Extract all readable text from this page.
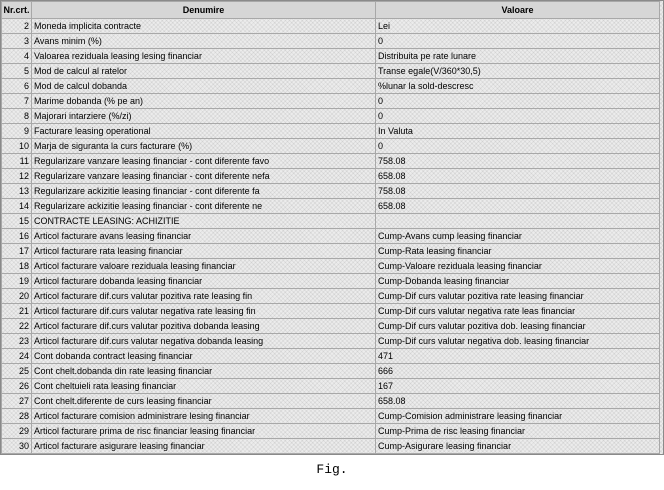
Nr.crt.	Denumire	Valoare
2	Moneda implicita contracte	Lei
3	Avans minim (%)	0
4	Valoarea reziduala leasing lesing financiar	Distribuita pe rate lunare
5	Mod de calcul al ratelor	Transe egale(V/360*30,5)
6	Mod de calcul dobanda	%lunar la sold-descresc
7	Marime dobanda (% pe an)	0
8	Majorari intarziere (%/zi)	0
9	Facturare leasing operational	In Valuta
10	Marja de siguranta la curs facturare (%)	0
11	Regularizare vanzare leasing financiar - cont diferente favo	758.08
12	Regularizare vanzare leasing financiar - cont diferente nefa	658.08
13	Regularizare ackizitie leasing financiar - cont diferente fa	758.08
14	Regularizare ackizitie leasing financiar - cont diferente ne	658.08
15	CONTRACTE LEASING: ACHIZITIE	
16	Articol facturare avans leasing financiar	Cump-Avans cump leasing financiar
17	Articol facturare rata leasing financiar	Cump-Rata leasing financiar
18	Articol facturare valoare reziduala leasing financiar	Cump-Valoare reziduala leasing financiar
19	Articol facturare dobanda leasing financiar	Cump-Dobanda leasing financiar
20	Articol facturare dif.curs valutar pozitiva rate leasing fin	Cump-Dif curs valutar pozitiva rate leasing financiar
21	Articol facturare dif.curs valutar negativa rate leasing fin	Cump-Dif curs valutar negativa rate leas financiar
22	Articol facturare dif.curs valutar pozitiva dobanda leasing	Cump-Dif curs valutar pozitiva dob. leasing financiar
23	Articol facturare dif.curs valutar negativa dobanda leasing	Cump-Dif curs valutar negativa dob. leasing financiar
24	Cont dobanda contract leasing financiar	471
25	Cont chelt.dobanda din rate leasing financiar	666
26	Cont cheltuieli rata leasing financiar	167
27	Cont chelt.diferente de curs leasing financiar	658.08
28	Articol facturare comision administrare lesing financiar	Cump-Comision administrare leasing financiar
29	Articol facturare prima de risc financiar leasing financiar	Cump-Prima de risc leasing financiar
30	Articol facturare asigurare leasing financiar	Cump-Asigurare leasing financiar
Fig.
